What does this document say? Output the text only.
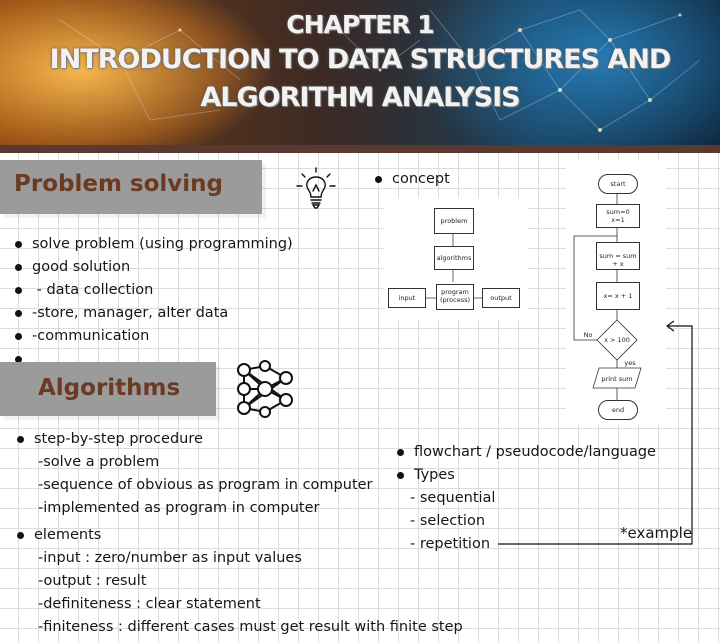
CHAPTER 1
INTRODUCTION TO DATA STRUCTURES AND
ALGORITHM ANALYSIS
Problem solving
solve problem (using programming)
good solution
- data collection
-store, manager, alter data
-communication
Algorithms
step-by-step procedure
-solve a problem
-sequence of obvious as program in computer
-implemented as program in computer
elements
-input : zero/number as input values
-output : result
-definiteness : clear statement
-finiteness : different cases must get result with finite step
concept
problem
algorithms
program
(process)
input	output
start
sum=0
x=1
sum = sum + x
x= x + 1
x > 100
No
yes
print sum
end
flowchart / pseudocode/language
Types
- sequential
- selection
- repetition
*example
